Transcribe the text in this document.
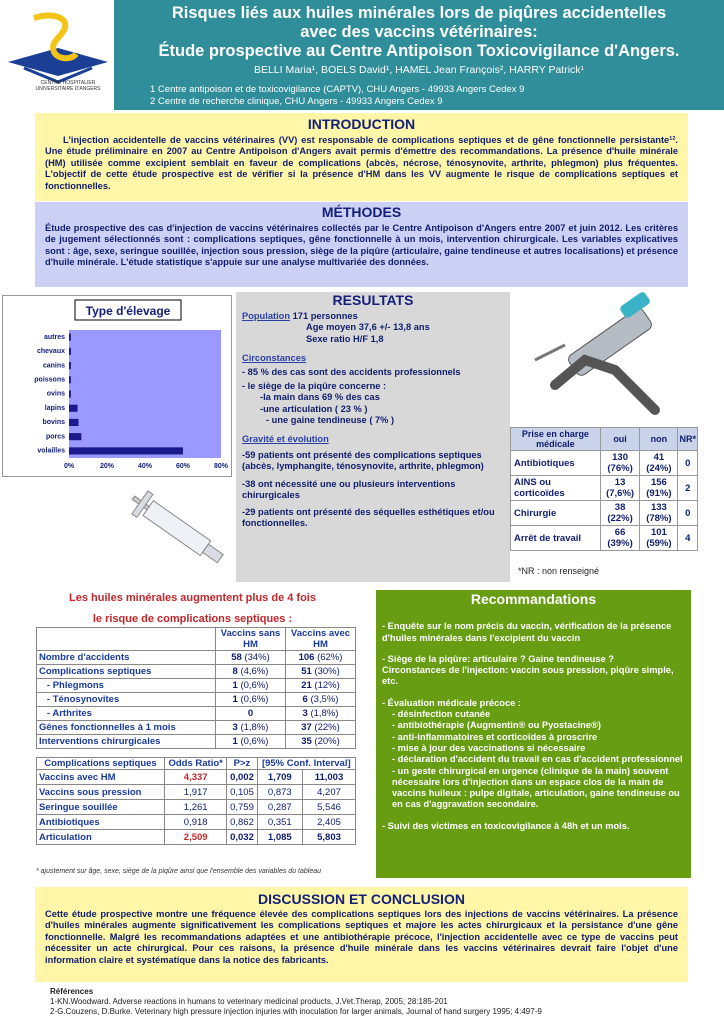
CENTRE HOSPITALIER UNIVERSITAIRE D'ANGERS
Risques liés aux huiles minérales lors de piqûres accidentelles
avec des vaccins vétérinaires:
Étude prospective au Centre Antipoison Toxicovigilance d'Angers.
BELLI Maria¹, BOELS David¹, HAMEL Jean François², HARRY Patrick¹
1 Centre antipoison et de toxicovigilance (CAPTV), CHU Angers - 49933 Angers Cedex 9
2 Centre de recherche clinique, CHU Angers - 49933 Angers Cedex 9
INTRODUCTION
L'injection accidentelle de vaccins vétérinaires (VV) est responsable de complications septiques et de gêne fonctionnelle persistante¹². Une étude préliminaire en 2007 au Centre Antipoison d'Angers avait permis d'émettre des recommandations. La présence d'huile minérale (HM) utilisée comme excipient semblait en faveur de complications (abcès, nécrose, ténosynovite, arthrite, phlegmon) plus fréquentes. L'objectif de cette étude prospective est de vérifier si la présence d'HM dans les VV augmente le risque de complications septiques et fonctionnelles.
MÉTHODES
Étude prospective des cas d'injection de vaccins vétérinaires collectés par le Centre Antipoison d'Angers entre 2007 et juin 2012. Les critères de jugement sélectionnés sont : complications septiques, gêne fonctionnelle à un mois, intervention chirurgicale. Les variables explicatives sont : âge, sexe, seringue souillée, injection sous pression, siège de la piqûre (articulaire, gaine tendineuse et autres localisations) et présence d'huile minérale. L'étude statistique s'appuie sur une analyse multivariée des données.
Type d'élevage
autres
chevaux
canins
poissons
ovins
lapins
bovins
porcs
volailles
0%	20%	40%	60%	80%
RESULTATS
Population 171 personnes
Age moyen 37,6 +/- 13,8 ans
Sexe ratio H/F 1,8
Circonstances
- 85 % des cas sont des accidents professionnels
- le siège de la piqûre concerne :
-la main dans 69 % des cas
-une articulation ( 23 % )
- une gaine tendineuse ( 7% )
Gravité et évolution
-59 patients ont présenté des complications septiques (abcès, lymphangite, ténosynovite, arthrite, phlegmon)
-38 ont nécessité une ou plusieurs interventions chirurgicales
-29 patients ont présenté des séquelles esthétiques et/ou fonctionnelles.
Prise en charge médicale	oui	non	NR*
Antibiotiques	130 (76%)	41 (24%)	0
AINS ou corticoïdes	13 (7,6%)	156 (91%)	2
Chirurgie	38 (22%)	133 (78%)	0
Arrêt de travail	66 (39%)	101 (59%)	4
*NR : non renseigné
Les huiles minérales augmentent plus de 4 fois
le risque de complications septiques :
	Vaccins sans HM	Vaccins avec HM
Nombre d'accidents	58 (34%)	106 (62%)
Complications septiques	8 (4,6%)	51 (30%)
- Phlegmons	1 (0,6%)	21 (12%)
- Ténosynovites	1 (0,6%)	6 (3,5%)
- Arthrites	0	3 (1,8%)
Gênes fonctionnelles à 1 mois	3 (1,8%)	37 (22%)
Interventions chirurgicales	1 (0,6%)	35 (20%)
Complications septiques	Odds Ratio*	P>z	[95% Conf. Interval]	
Vaccins avec HM	4,337	0,002	1,709	11,003
Vaccins sous pression	1,917	0,105	0,873	4,207
Seringue souillée	1,261	0,759	0,287	5,546
Antibiotiques	0,918	0,862	0,351	2,405
Articulation	2,509	0,032	1,085	5,803
* ajustement sur âge, sexe, siège de la piqûre ainsi que l'ensemble des variables du tableau
Recommandations
- Enquête sur le nom précis du vaccin, vérification de la présence d'huiles minérales dans l'excipient du vaccin
- Siège de la piqûre: articulaire ? Gaine tendineuse ?
Circonstances de l'injection: vaccin sous pression, piqûre simple, etc.
- Évaluation médicale précoce :
- désinfection cutanée
- antibiothérapie (Augmentin® ou Pyostacine®)
- anti-inflammatoires et corticoïdes à proscrire
- mise à jour des vaccinations si nécessaire
- déclaration d'accident du travail en cas d'accident professionnel
- un geste chirurgical en urgence (clinique de la main) souvent nécessaire lors d'injection dans un espace clos de la main de vaccins huileux : pulpe digitale, articulation, gaine tendineuse ou en cas d'aggravation secondaire.
- Suivi des victimes en toxicovigilance à 48h et un mois.
DISCUSSION ET CONCLUSION
Cette étude prospective montre une fréquence élevée des complications septiques lors des injections de vaccins vétérinaires. La présence d'huiles minérales augmente significativement les complications septiques et majore les actes chirurgicaux et la persistance d'une gêne fonctionnelle. Malgré les recommandations adaptées et une antibiothérapie précoce, l'injection accidentelle avec ce type de vaccins peut nécessiter un acte chirurgical. Pour ces raisons, la présence d'huile minérale dans les vaccins vétérinaires devrait faire l'objet d'une information claire et systématique dans la notice des fabricants.
Références
1-KN.Woodward. Adverse reactions in humans to veterinary medicinal products, J.Vet.Therap, 2005; 28:185-201
2-G.Couzens, D.Burke. Veterinary high pressure injection injuries with inoculation for larger animals, Journal of hand surgery 1995; 4:497-9
